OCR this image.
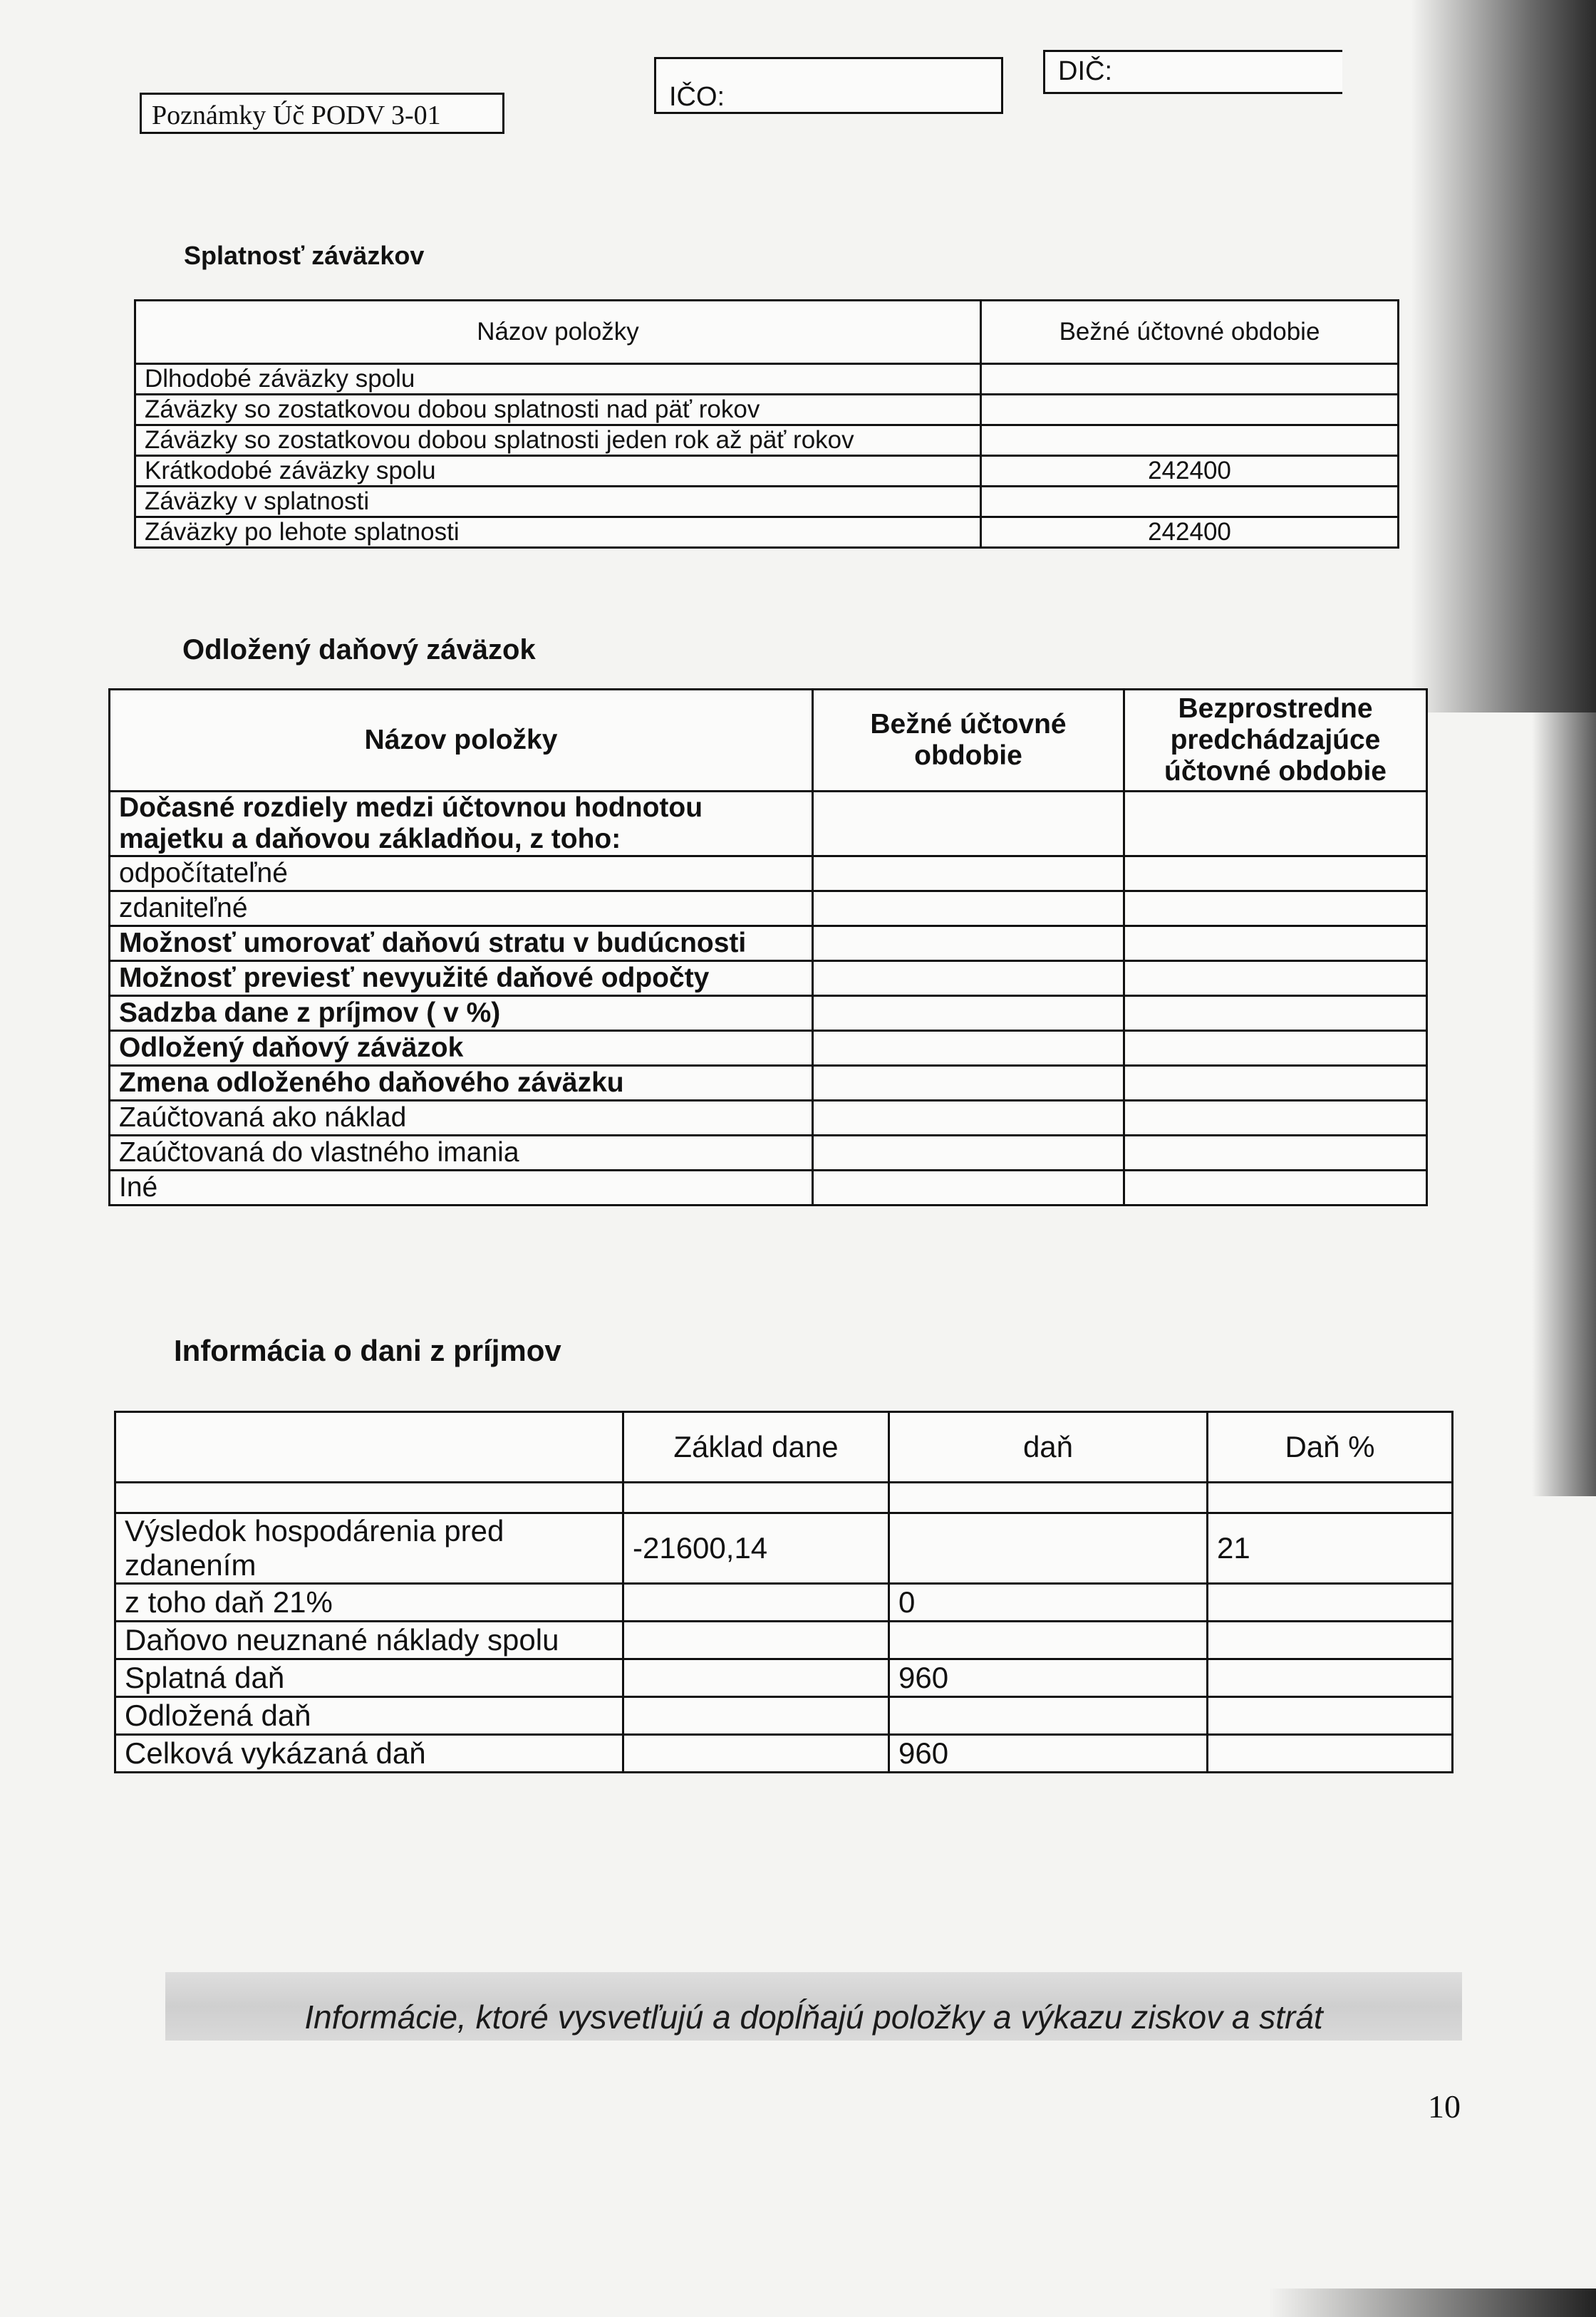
Poznámky Úč PODV 3-01
IČO:
DIČ:
Splatnosť záväzkov
Názov položky	Bežné účtovné obdobie
Dlhodobé záväzky spolu	
Záväzky so zostatkovou dobou splatnosti nad päť rokov	
Záväzky so zostatkovou dobou splatnosti jeden rok až päť rokov	
Krátkodobé záväzky spolu	242400
Záväzky v splatnosti	
Záväzky po lehote splatnosti	242400
Odložený daňový záväzok
Názov položky	Bežné účtovné obdobie	Bezprostredne predchádzajúce účtovné obdobie
Dočasné rozdiely medzi účtovnou hodnotou majetku a daňovou základňou, z toho:		
odpočítateľné		
zdaniteľné		
Možnosť umorovať daňovú stratu v budúcnosti		
Možnosť previesť nevyužité daňové odpočty		
Sadzba dane z príjmov ( v %)		
Odložený daňový záväzok		
Zmena odloženého daňového záväzku		
Zaúčtovaná ako náklad		
Zaúčtovaná do vlastného imania		
Iné		
Informácia o dani z príjmov
	Základ dane	daň	Daň %

Výsledok hospodárenia pred zdanením	-21600,14		21
z toho daň 21%		0	
Daňovo neuznané náklady spolu			
Splatná daň		960	
Odložená daň			
Celková vykázaná daň		960	
Informácie, ktoré vysvetľujú a dopĺňajú položky a výkazu ziskov a strát
10
